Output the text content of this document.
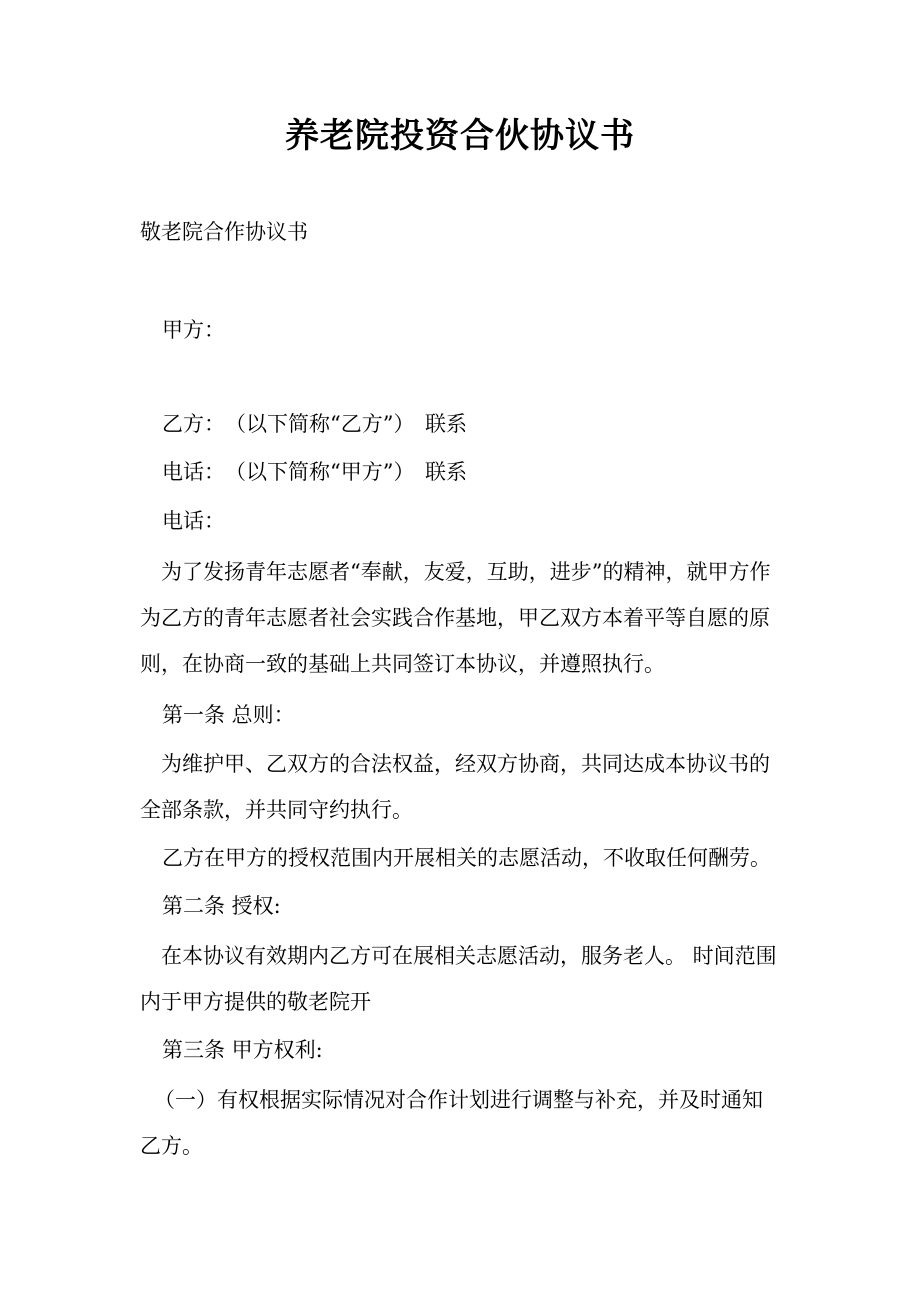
养老院投资合伙协议书
敬老院合作协议书
甲方：
乙方：　（以下简称“乙方”）　联系
电话：　（以下简称“甲方”）　联系
电话：
为了发扬青年志愿者“奉献，友爱，互助，进步”的精神，就甲方作为乙方的青年志愿者社会实践合作基地，甲乙双方本着平等自愿的原则，在协商一致的基础上共同签订本协议，并遵照执行。
第一条 总则：
为维护甲、乙双方的合法权益，经双方协商，共同达成本协议书的全部条款，并共同守约执行。
乙方在甲方的授权范围内开展相关的志愿活动，不收取任何酬劳。
第二条 授权:
在本协议有效期内乙方可在展相关志愿活动，服务老人。 时间范围内于甲方提供的敬老院开
第三条 甲方权利:
（一）有权根据实际情况对合作计划进行调整与补充，并及时通知乙方。
